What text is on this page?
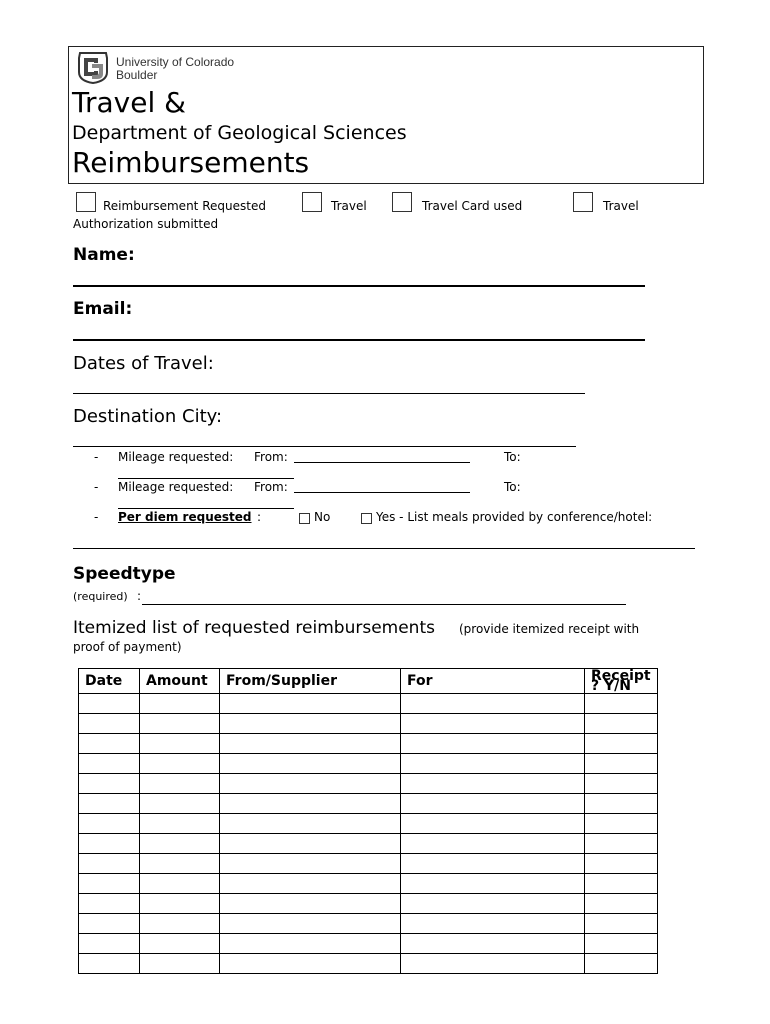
University of Colorado
Boulder
Travel &
Department of Geological Sciences
Reimbursements
Reimbursement Requested	Travel	Travel Card used	Travel
Authorization submitted
Name:
Email:
Dates of Travel:
Destination City:
- Mileage requested: From:	To:
- Mileage requested: From:	To:
- Per diem requested :	No	Yes - List meals provided by conference/hotel:
Speedtype
(required) :
Itemized list of requested reimbursements (provide itemized receipt with
proof of payment)
Date	Amount	From/Supplier	For	Receipt ? Y/N
